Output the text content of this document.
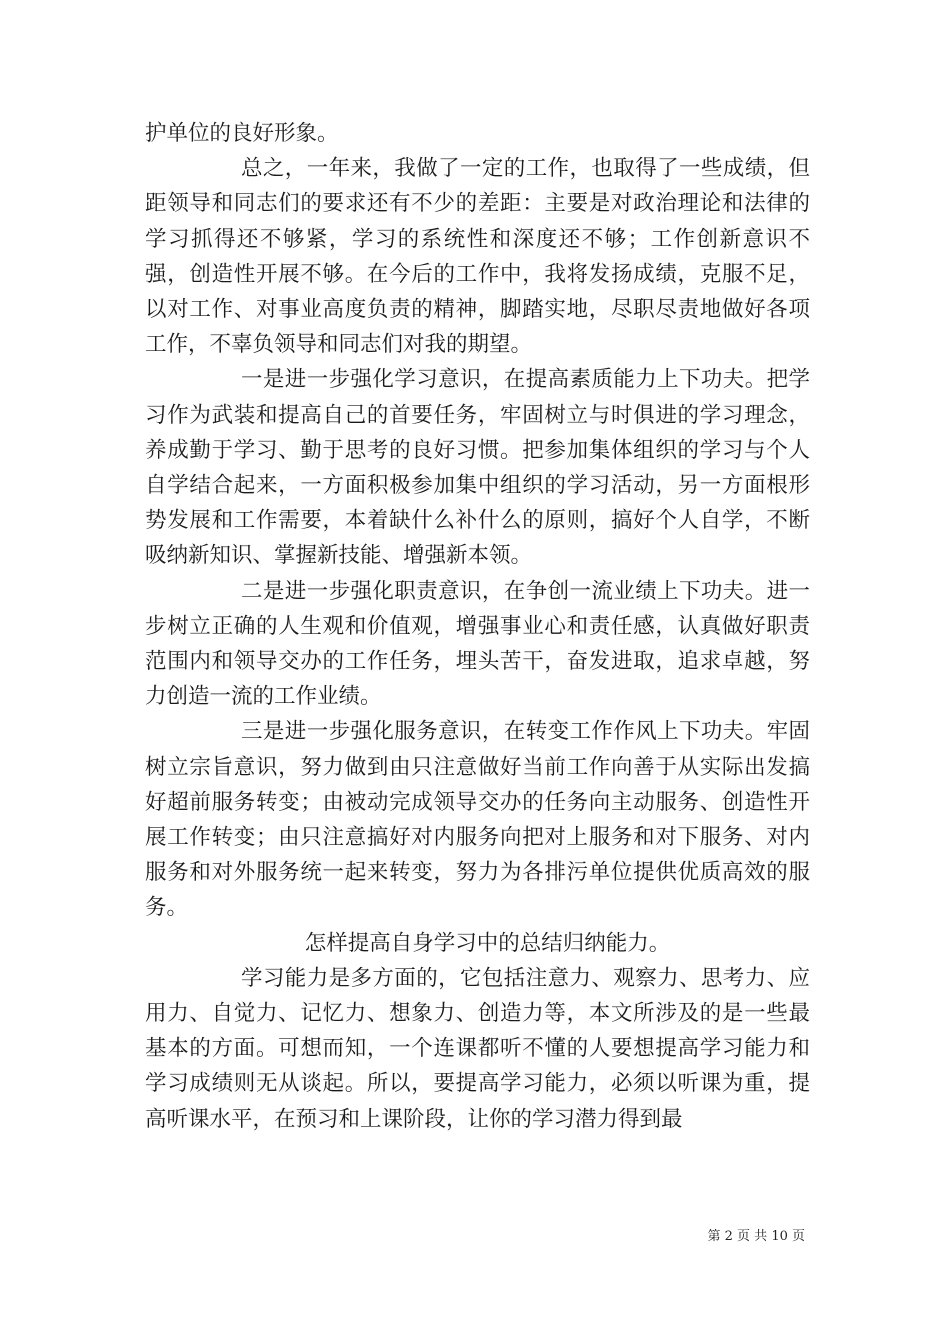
护单位的良好形象。

总之，一年来，我做了一定的工作，也取得了一些成绩，但距领导和同志们的要求还有不少的差距：主要是对政治理论和法律的学习抓得还不够紧，学习的系统性和深度还不够；工作创新意识不强，创造性开展不够。在今后的工作中，我将发扬成绩，克服不足，以对工作、对事业高度负责的精神，脚踏实地，尽职尽责地做好各项工作，不辜负领导和同志们对我的期望。

一是进一步强化学习意识，在提高素质能力上下功夫。把学习作为武装和提高自己的首要任务，牢固树立与时俱进的学习理念，养成勤于学习、勤于思考的良好习惯。把参加集体组织的学习与个人自学结合起来，一方面积极参加集中组织的学习活动，另一方面根形势发展和工作需要，本着缺什么补什么的原则，搞好个人自学，不断吸纳新知识、掌握新技能、增强新本领。

二是进一步强化职责意识，在争创一流业绩上下功夫。进一步树立正确的人生观和价值观，增强事业心和责任感，认真做好职责范围内和领导交办的工作任务，埋头苦干，奋发进取，追求卓越，努力创造一流的工作业绩。

三是进一步强化服务意识，在转变工作作风上下功夫。牢固树立宗旨意识，努力做到由只注意做好当前工作向善于从实际出发搞好超前服务转变；由被动完成领导交办的任务向主动服务、创造性开展工作转变；由只注意搞好对内服务向把对上服务和对下服务、对内服务和对外服务统一起来转变，努力为各排污单位提供优质高效的服务。

怎样提高自身学习中的总结归纳能力。

学习能力是多方面的，它包括注意力、观察力、思考力、应用力、自觉力、记忆力、想象力、创造力等，本文所涉及的是一些最基本的方面。可想而知，一个连课都听不懂的人要想提高学习能力和学习成绩则无从谈起。所以，要提高学习能力，必须以听课为重，提高听课水平，在预习和上课阶段，让你的学习潜力得到最

第 2 页 共 10 页
